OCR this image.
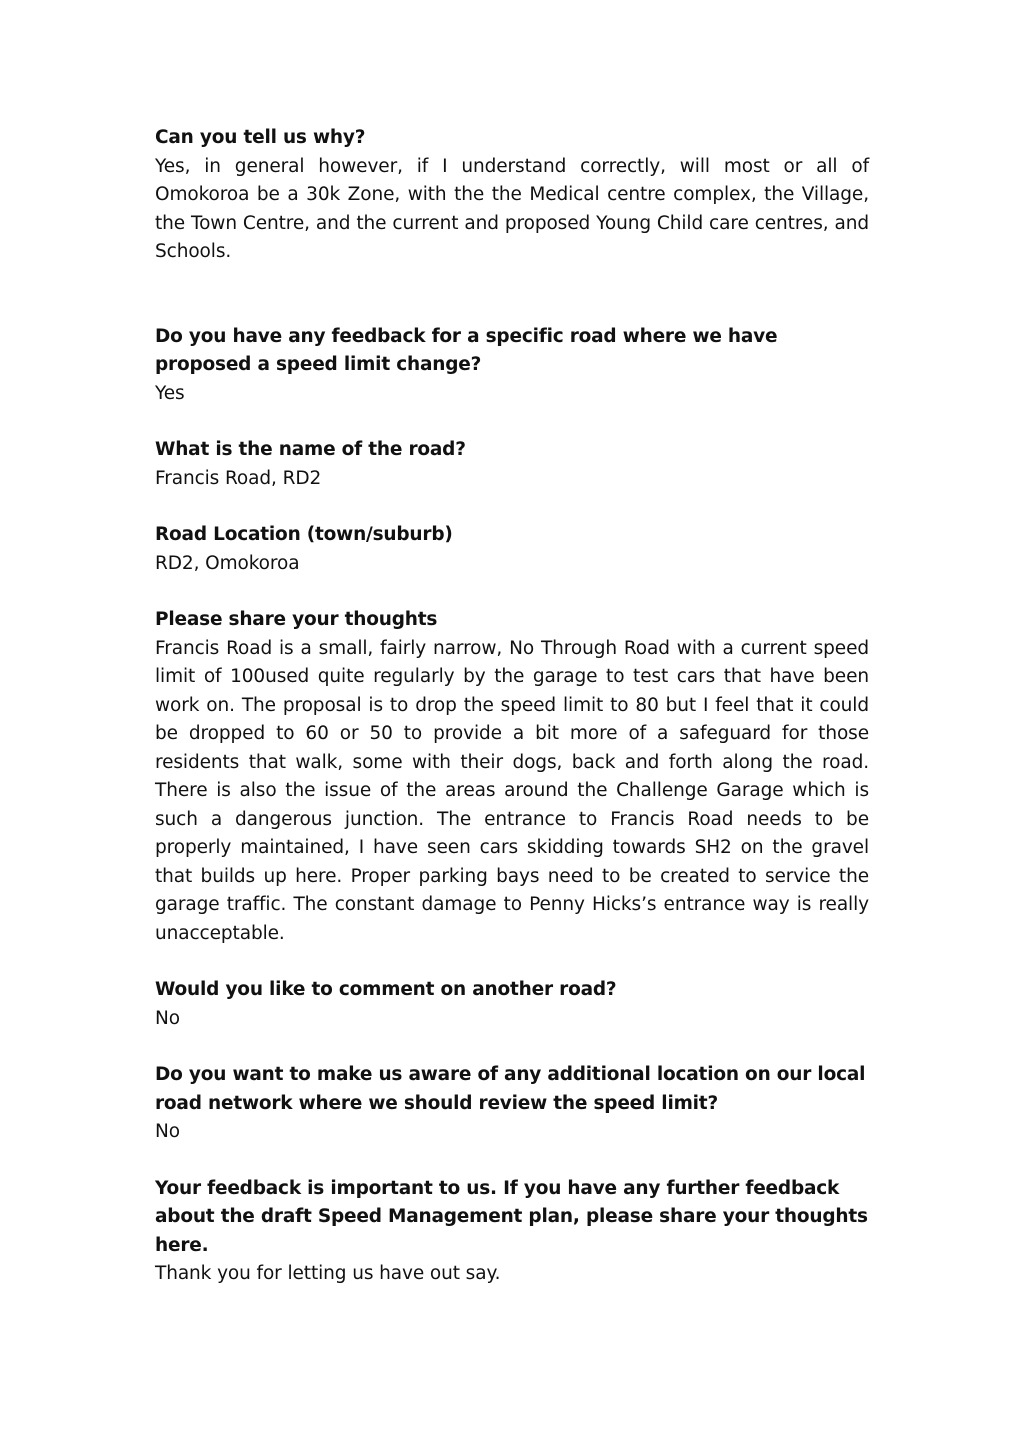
Can you tell us why?

Yes, in general however, if I understand correctly, will most or all of Omokoroa be a 30k Zone, with the the Medical centre complex, the Village, the Town Centre, and the current and proposed Young Child care centres, and Schools.

Do you have any feedback for a specific road where we have proposed a speed limit change?

Yes

What is the name of the road?

Francis Road, RD2

Road Location (town/suburb)

RD2, Omokoroa

Please share your thoughts

Francis Road is a small, fairly narrow, No Through Road with a current speed limit of 100used quite regularly by the garage to test cars that have been work on. The proposal is to drop the speed limit to 80 but I feel that it could be dropped to 60 or 50 to provide a bit more of a safeguard for those residents that walk, some with their dogs, back and forth along the road. There is also the issue of the areas around the Challenge Garage which is such a dangerous junction. The entrance to Francis Road needs to be properly maintained, I have seen cars skidding towards SH2 on the gravel that builds up here. Proper parking bays need to be created to service the garage traffic. The constant damage to Penny Hicks’s entrance way is really unacceptable.

Would you like to comment on another road?

No

Do you want to make us aware of any additional location on our local road network where we should review the speed limit?

No

Your feedback is important to us. If you have any further feedback about the draft Speed Management plan, please share your thoughts here.

Thank you for letting us have out say.
